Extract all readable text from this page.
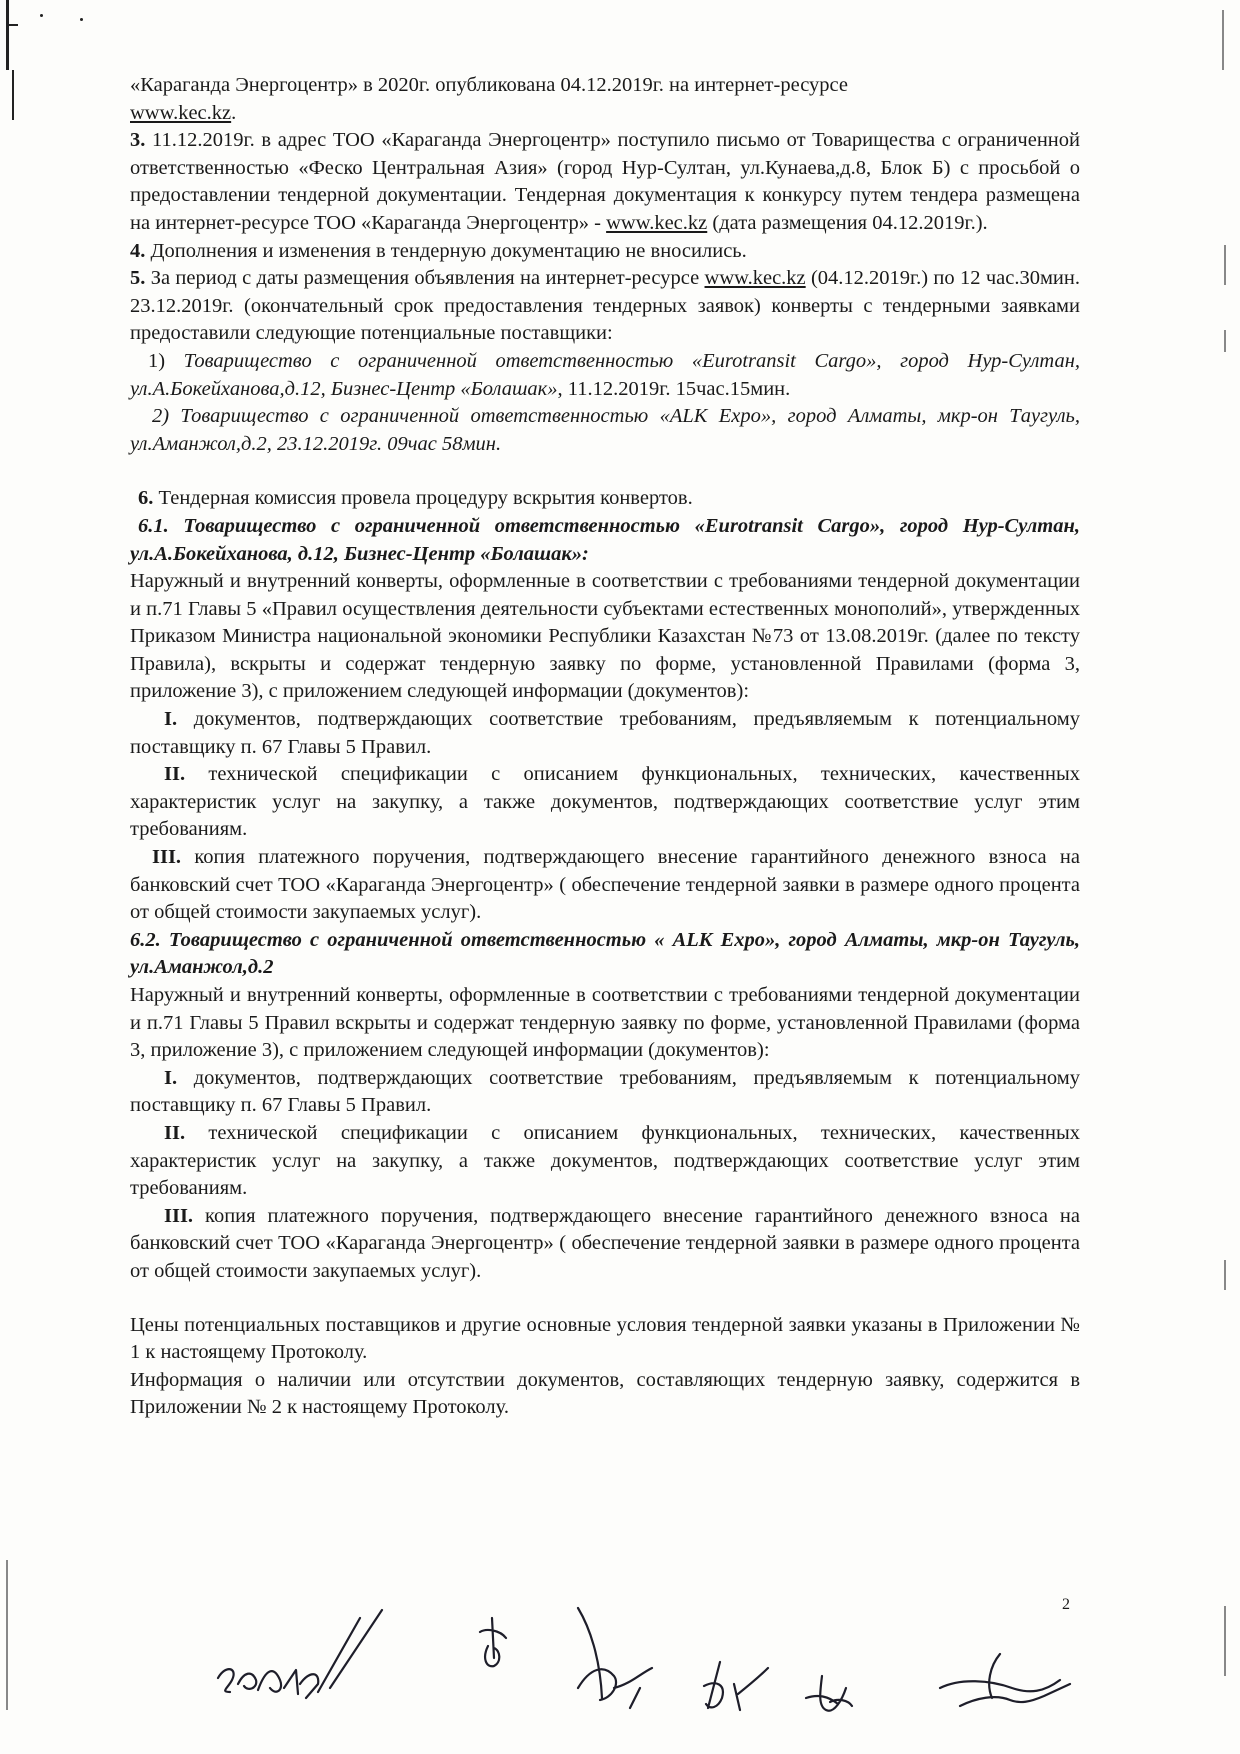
«Караганда Энергоцентр» в 2020г. опубликована 04.12.2019г. на интернет-ресурсе
www.kec.kz.

3. 11.12.2019г. в адрес ТОО «Караганда Энергоцентр» поступило письмо от Товарищества с ограниченной ответственностью «Феско Центральная Азия» (город Нур-Султан, ул.Кунаева,д.8, Блок Б) с просьбой о предоставлении тендерной документации. Тендерная документация к конкурсу путем тендера размещена на интернет-ресурсе ТОО «Караганда Энергоцентр» - www.kec.kz (дата размещения 04.12.2019г.).

4. Дополнения и изменения в тендерную документацию не вносились.

5. За период с даты размещения объявления на интернет-ресурсе www.kec.kz (04.12.2019г.) по 12 час.30мин. 23.12.2019г. (окончательный срок предоставления тендерных заявок) конверты с тендерными заявками предоставили следующие потенциальные поставщики:

1) Товарищество с ограниченной ответственностью «Eurotransit Cargo», город Нур-Султан, ул.А.Бокейханова,д.12, Бизнес-Центр «Болашак», 11.12.2019г. 15час.15мин.

2) Товарищество с ограниченной ответственностью «ALK Expo», город Алматы, мкр-он Тaугуль, ул.Аманжол,д.2, 23.12.2019г. 09час 58мин.

6. Тендерная комиссия провела процедуру вскрытия конвертов.

6.1. Товарищество с ограниченной ответственностью «Eurotransit Cargo», город Нур-Султан, ул.А.Бокейханова, д.12, Бизнес-Центр «Болашак»:

Наружный и внутренний конверты, оформленные в соответствии с требованиями тендерной документации и п.71 Главы 5 «Правил осуществления деятельности субъектами естественных монополий», утвержденных Приказом Министра национальной экономики Республики Казахстан №73 от 13.08.2019г. (далее по тексту Правила), вскрыты и содержат тендерную заявку по форме, установленной Правилами (форма 3, приложение 3), с приложением следующей информации (документов):

I. документов, подтверждающих соответствие требованиям, предъявляемым к потенциальному поставщику п. 67 Главы 5 Правил.

II. технической спецификации с описанием функциональных, технических, качественных характеристик услуг на закупку, а также документов, подтверждающих соответствие услуг этим требованиям.

III. копия платежного поручения, подтверждающего внесение гарантийного денежного взноса на банковский счет ТОО «Караганда Энергоцентр» ( обеспечение тендерной заявки в размере одного процента от общей стоимости закупаемых услуг).

6.2. Товарищество с ограниченной ответственностью « ALK Expo», город Алматы, мкр-он Таугуль, ул.Аманжол,д.2

Наружный и внутренний конверты, оформленные в соответствии с требованиями тендерной документации и п.71 Главы 5 Правил вскрыты и содержат тендерную заявку по форме, установленной Правилами (форма 3, приложение 3), с приложением следующей информации (документов):

I. документов, подтверждающих соответствие требованиям, предъявляемым к потенциальному поставщику п. 67 Главы 5 Правил.

II. технической спецификации с описанием функциональных, технических, качественных характеристик услуг на закупку, а также документов, подтверждающих соответствие услуг этим требованиям.

III. копия платежного поручения, подтверждающего внесение гарантийного денежного взноса на банковский счет ТОО «Караганда Энергоцентр» ( обеспечение тендерной заявки в размере одного процента от общей стоимости закупаемых услуг).

Цены потенциальных поставщиков и другие основные условия тендерной заявки указаны в Приложении № 1 к настоящему Протоколу.

Информация о наличии или отсутствии документов, составляющих тендерную заявку, содержится в Приложении № 2 к настоящему Протоколу.

2
